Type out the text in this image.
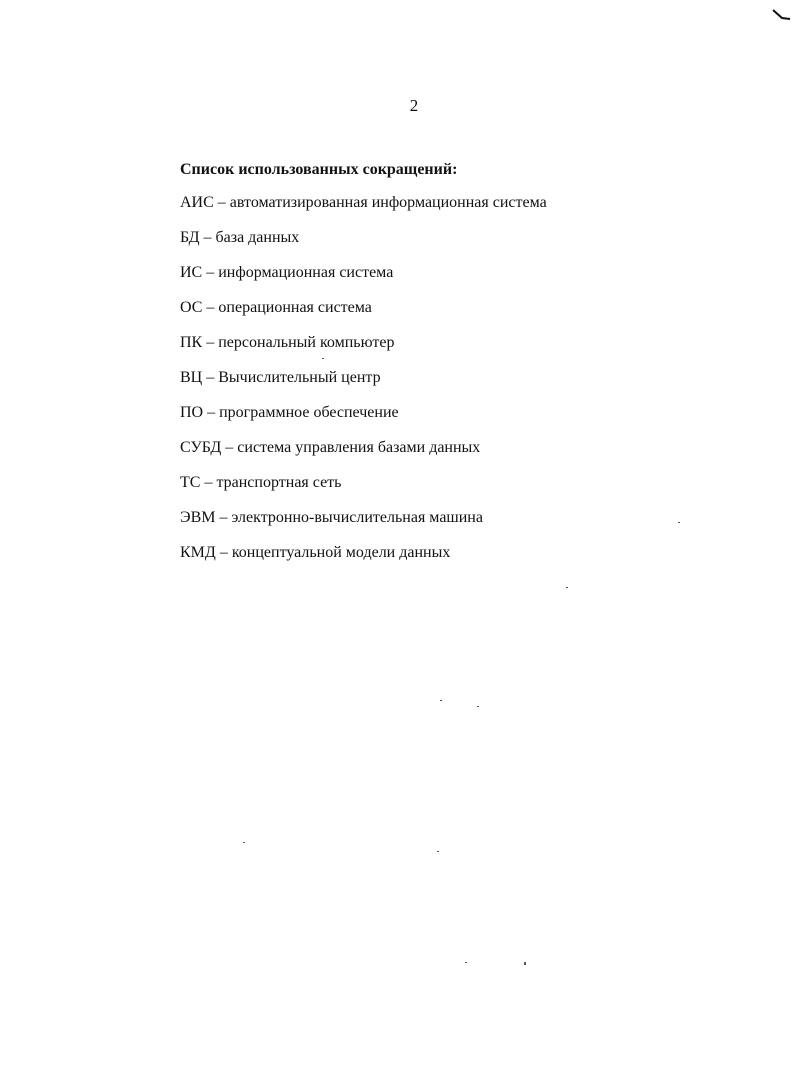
2
Список использованных сокращений:
АИС – автоматизированная информационная система
БД – база данных
ИС – информационная система
ОС – операционная система
ПК – персональный компьютер
ВЦ – Вычислительный центр
ПО – программное обеспечение
СУБД – система управления базами данных
ТС – транспортная сеть
ЭВМ – электронно-вычислительная машина
КМД – концептуальной модели данных
